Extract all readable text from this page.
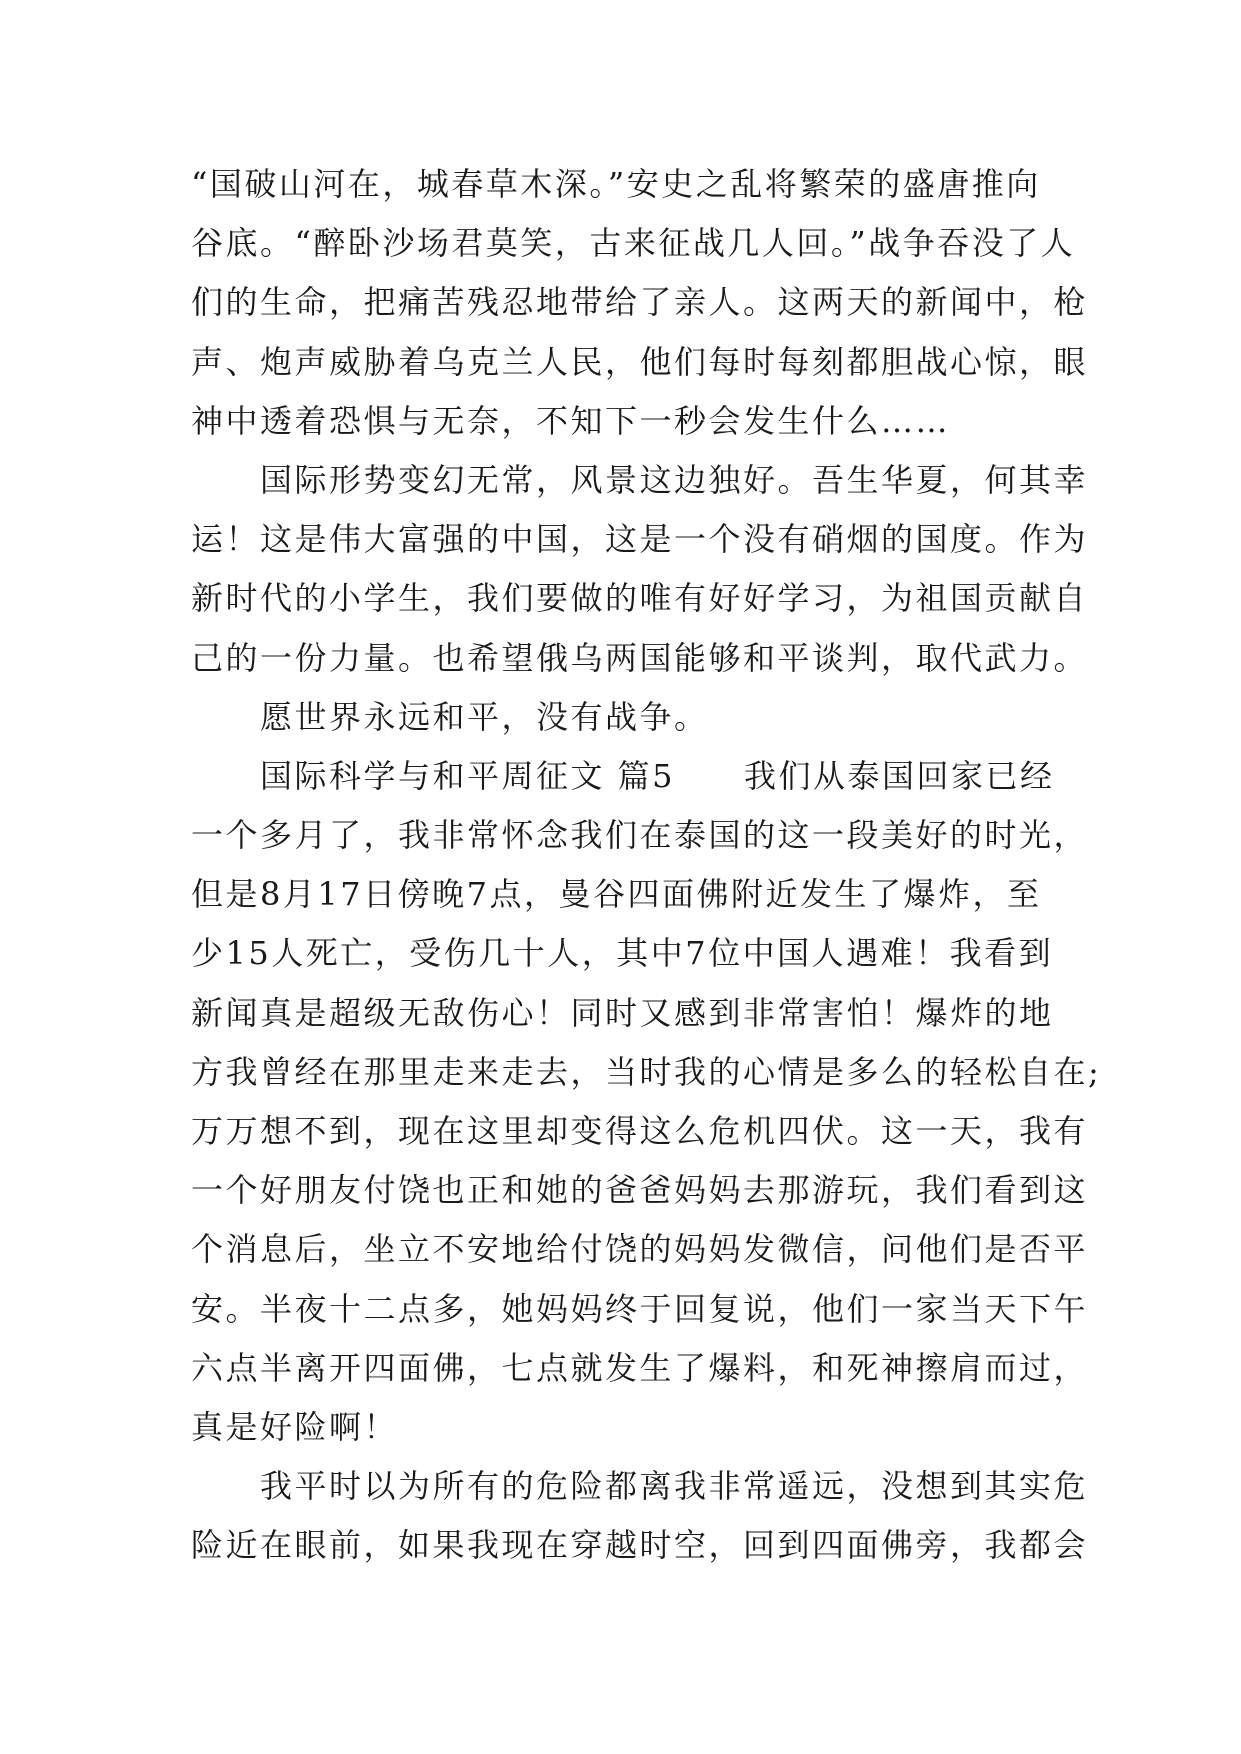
“国破山河在，城春草木深。”安史之乱将繁荣的盛唐推向
谷底。“醉卧沙场君莫笑，古来征战几人回。”战争吞没了人
们的生命，把痛苦残忍地带给了亲人。这两天的新闻中，枪
声、炮声威胁着乌克兰人民，他们每时每刻都胆战心惊，眼
神中透着恐惧与无奈，不知下一秒会发生什么……
　　国际形势变幻无常，风景这边独好。吾生华夏，何其幸
运！这是伟大富强的中国，这是一个没有硝烟的国度。作为
新时代的小学生，我们要做的唯有好好学习，为祖国贡献自
己的一份力量。也希望俄乌两国能够和平谈判，取代武力。
　　愿世界永远和平，没有战争。
　　国际科学与和平周征文 篇5　　我们从泰国回家已经
一个多月了，我非常怀念我们在泰国的这一段美好的时光，
但是8月17日傍晚7点，曼谷四面佛附近发生了爆炸，至
少15人死亡，受伤几十人，其中7位中国人遇难！我看到
新闻真是超级无敌伤心！同时又感到非常害怕！爆炸的地
方我曾经在那里走来走去，当时我的心情是多么的轻松自在;
万万想不到，现在这里却变得这么危机四伏。这一天，我有
一个好朋友付饶也正和她的爸爸妈妈去那游玩，我们看到这
个消息后，坐立不安地给付饶的妈妈发微信，问他们是否平
安。半夜十二点多，她妈妈终于回复说，他们一家当天下午
六点半离开四面佛，七点就发生了爆料，和死神擦肩而过，
真是好险啊！
　　我平时以为所有的危险都离我非常遥远，没想到其实危
险近在眼前，如果我现在穿越时空，回到四面佛旁，我都会
